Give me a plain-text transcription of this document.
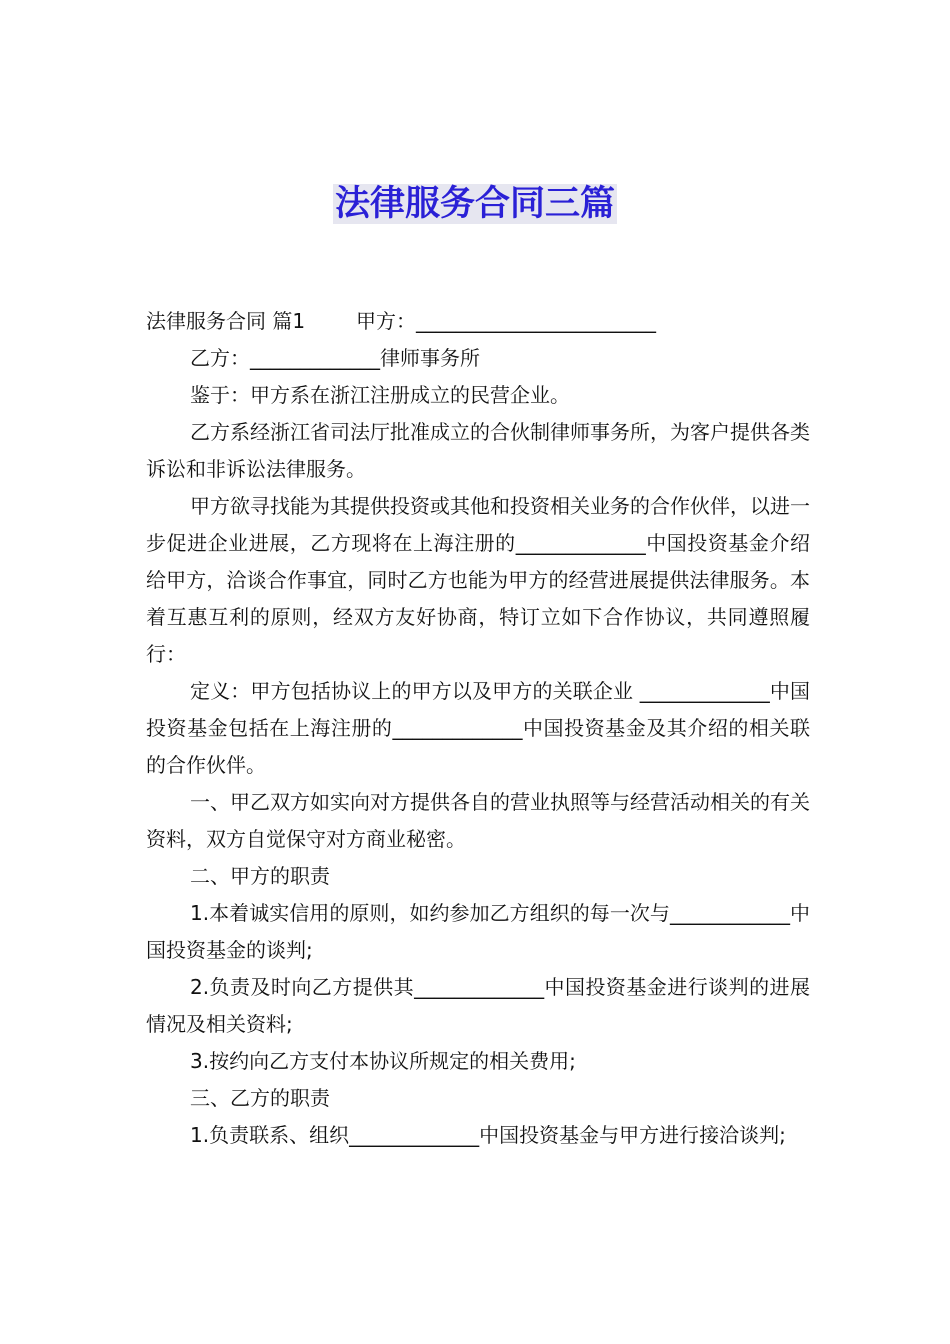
法律服务合同三篇

法律服务合同 篇1        甲方：________________________

乙方：_____________律师事务所

鉴于：甲方系在浙江注册成立的民营企业。

乙方系经浙江省司法厅批准成立的合伙制律师事务所，为客户提供各类诉讼和非诉讼法律服务。

甲方欲寻找能为其提供投资或其他和投资相关业务的合作伙伴，以进一步促进企业进展，乙方现将在上海注册的_____________中国投资基金介绍给甲方，洽谈合作事宜，同时乙方也能为甲方的经营进展提供法律服务。本着互惠互利的原则，经双方友好协商，特订立如下合作协议，共同遵照履行：

定义：甲方包括协议上的甲方以及甲方的关联企业 _____________中国投资基金包括在上海注册的_____________中国投资基金及其介绍的相关联的合作伙伴。

一、甲乙双方如实向对方提供各自的营业执照等与经营活动相关的有关资料，双方自觉保守对方商业秘密。

二、甲方的职责

1.本着诚实信用的原则，如约参加乙方组织的每一次与____________中国投资基金的谈判;

2.负责及时向乙方提供其_____________中国投资基金进行谈判的进展情况及相关资料;

3.按约向乙方支付本协议所规定的相关费用;

三、乙方的职责

1.负责联系、组织_____________中国投资基金与甲方进行接洽谈判;
